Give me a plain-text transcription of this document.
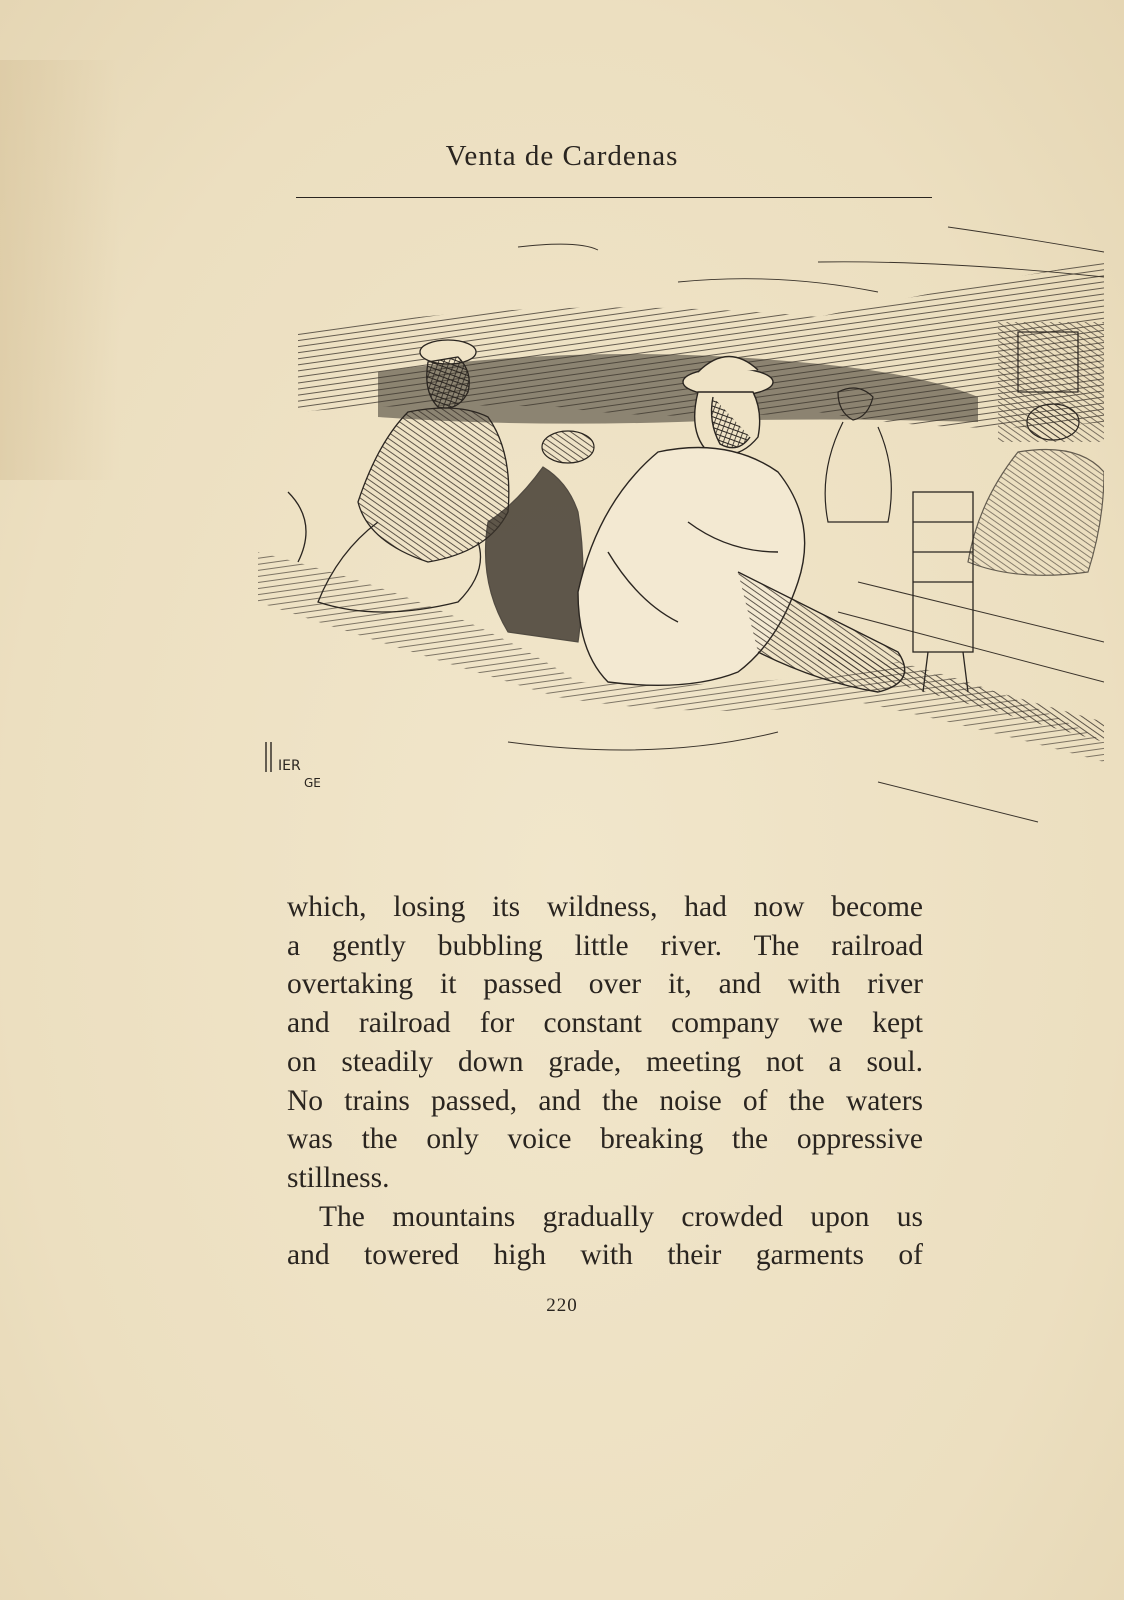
Venta de Cardenas
IER
GE

which, losing its wildness, had now become

a gently bubbling little river. The railroad

overtaking it passed over it, and with river

and railroad for constant company we kept

on steadily down grade, meeting not a soul.

No trains passed, and the noise of the waters

was the only voice breaking the oppressive

stillness.

The mountains gradually crowded upon us

and towered high with their garments of

220
